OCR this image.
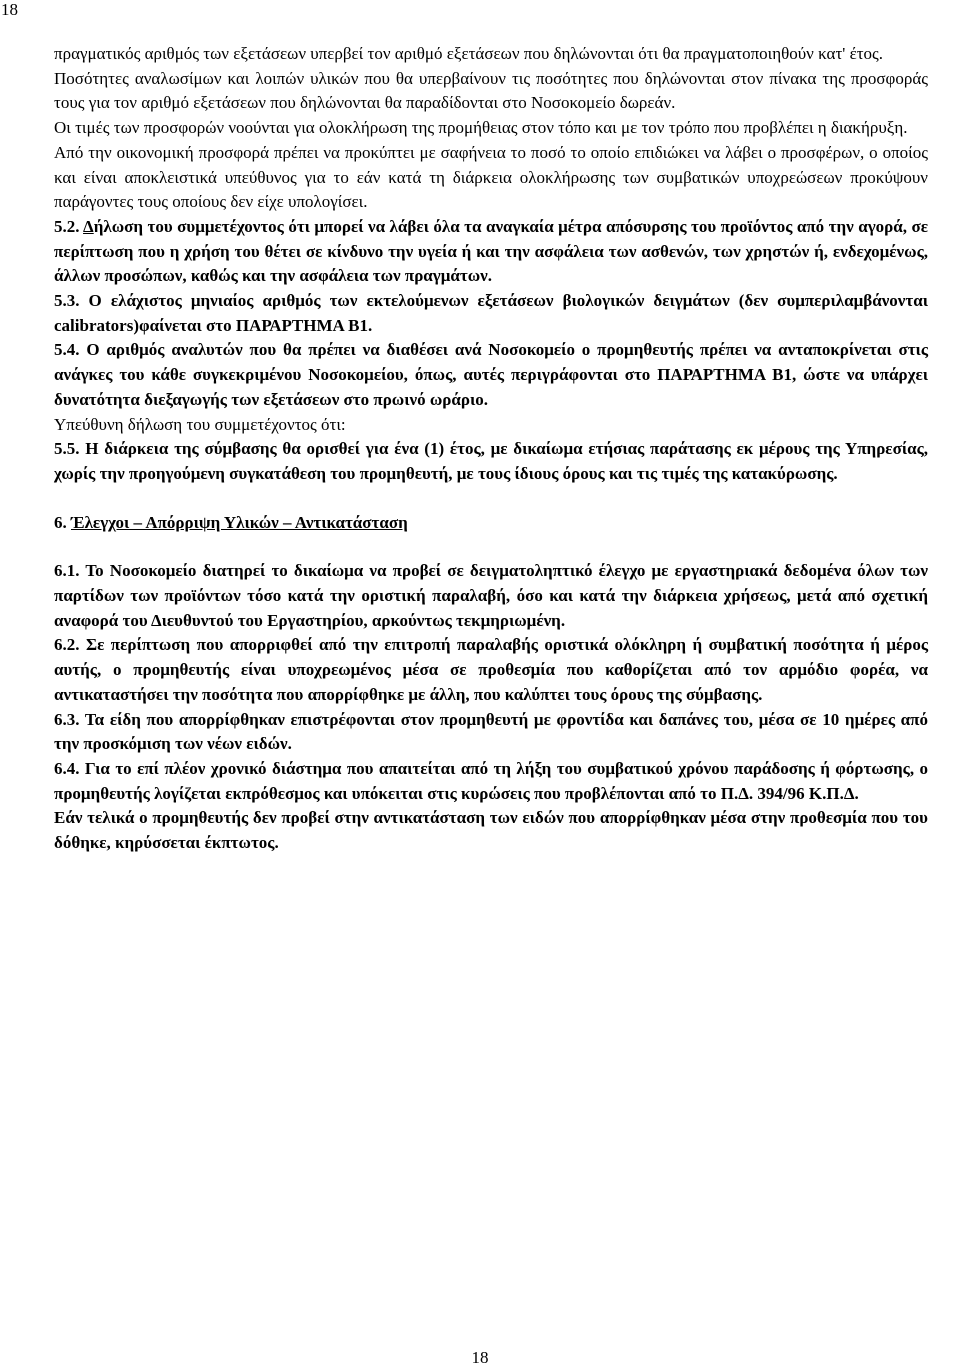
18

πραγματικός αριθμός των εξετάσεων υπερβεί τον αριθμό εξετάσεων που δηλώνονται ότι θα πραγματοποιηθούν κατ' έτος.

Ποσότητες αναλωσίμων και λοιπών υλικών που θα υπερβαίνουν τις ποσότητες που δηλώνονται στον πίνακα της προσφοράς τους για τον αριθμό εξετάσεων που δηλώνονται θα παραδίδονται στο Νοσοκομείο δωρεάν.

Οι τιμές των προσφορών νοούνται για ολοκλήρωση της προμήθειας στον τόπο και με τον τρόπο που προβλέπει η διακήρυξη.

Από την οικονομική προσφορά πρέπει να προκύπτει με σαφήνεια το ποσό το οποίο επιδιώκει να λάβει ο προσφέρων, ο οποίος και είναι αποκλειστικά υπεύθυνος για το εάν κατά τη διάρκεια ολοκλήρωσης των συμβατικών υποχρεώσεων προκύψουν παράγοντες τους οποίους δεν είχε υπολογίσει.

5.2. Δήλωση του συμμετέχοντος ότι μπορεί να λάβει όλα τα αναγκαία μέτρα απόσυρσης του προϊόντος από την αγορά, σε περίπτωση που η χρήση του θέτει σε κίνδυνο την υγεία ή και την ασφάλεια των ασθενών, των χρηστών ή, ενδεχομένως, άλλων προσώπων, καθώς και την ασφάλεια των πραγμάτων.

5.3. Ο ελάχιστος μηνιαίος αριθμός των εκτελούμενων εξετάσεων βιολογικών δειγμάτων (δεν συμπεριλαμβάνονται calibrators)φαίνεται στο ΠΑΡΑΡΤΗΜΑ Β1.

5.4. Ο αριθμός αναλυτών που θα πρέπει να διαθέσει ανά Νοσοκομείο ο προμηθευτής πρέπει να ανταποκρίνεται στις ανάγκες του κάθε συγκεκριμένου Νοσοκομείου, όπως, αυτές περιγράφονται στο ΠΑΡΑΡΤΗΜΑ Β1, ώστε να υπάρχει δυνατότητα διεξαγωγής των εξετάσεων στο πρωινό ωράριο.

Υπεύθυνη δήλωση του συμμετέχοντος ότι:

5.5. Η διάρκεια της σύμβασης θα ορισθεί για ένα (1) έτος, με δικαίωμα ετήσιας παράτασης εκ μέρους της Υπηρεσίας, χωρίς την προηγούμενη συγκατάθεση του προμηθευτή, με τους ίδιους όρους και τις τιμές της κατακύρωσης.

6. Έλεγχοι – Απόρριψη Υλικών – Αντικατάσταση

6.1. Το Νοσοκομείο διατηρεί το δικαίωμα να προβεί σε δειγματοληπτικό έλεγχο με εργαστηριακά δεδομένα όλων των παρτίδων των προϊόντων τόσο κατά την οριστική παραλαβή, όσο και κατά την διάρκεια χρήσεως, μετά από σχετική αναφορά του Διευθυντού του Εργαστηρίου, αρκούντως τεκμηριωμένη.

6.2. Σε περίπτωση που απορριφθεί από την επιτροπή παραλαβής οριστικά ολόκληρη ή συμβατική ποσότητα ή μέρος αυτής, ο προμηθευτής είναι υποχρεωμένος μέσα σε προθεσμία που καθορίζεται από τον αρμόδιο φορέα, να αντικαταστήσει την ποσότητα που απορρίφθηκε με άλλη, που καλύπτει τους όρους της σύμβασης.

6.3. Τα είδη που απορρίφθηκαν επιστρέφονται στον προμηθευτή με φροντίδα και δαπάνες του, μέσα σε 10 ημέρες από την προσκόμιση των νέων ειδών.

6.4. Για το επί πλέον χρονικό διάστημα που απαιτείται από τη λήξη του συμβατικού χρόνου παράδοσης ή φόρτωσης, ο προμηθευτής λογίζεται εκπρόθεσμος και υπόκειται στις κυρώσεις που προβλέπονται από το Π.Δ. 394/96 Κ.Π.Δ.

Εάν τελικά ο προμηθευτής δεν προβεί στην αντικατάσταση των ειδών που απορρίφθηκαν μέσα στην προθεσμία που του δόθηκε, κηρύσσεται έκπτωτος.

18
